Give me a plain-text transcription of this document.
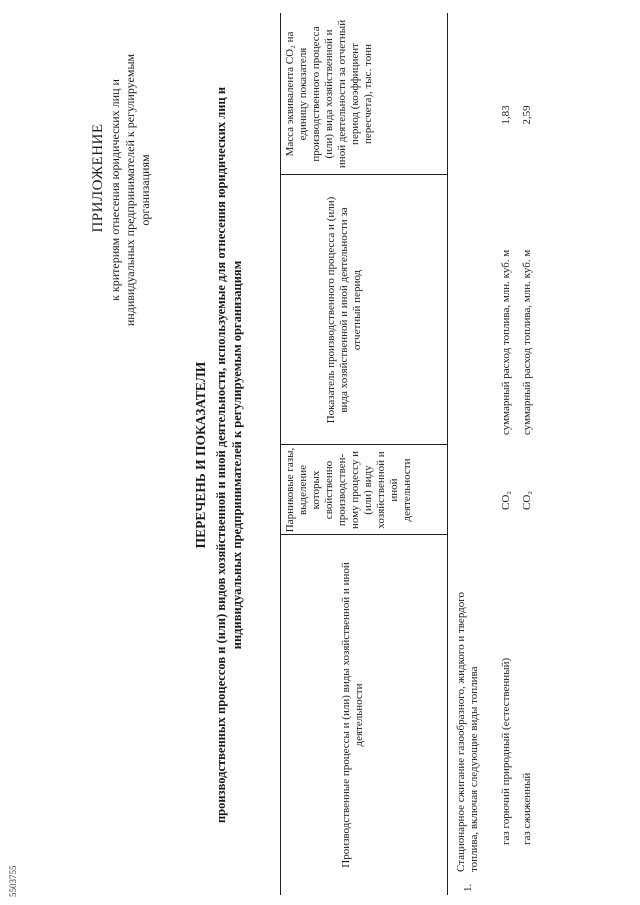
ПРИЛОЖЕНИЕ к критериям отнесения юридических лиц и индивидуальных предпринимателей к регулируемым организациям
ПЕРЕЧЕНЬ И ПОКАЗАТЕЛИ производственных процессов и (или) видов хозяйственной и иной деятельности, используемые для отнесения юридических лиц и индивидуальных предпринимателей к регулируемым организациям
Производственные процессы и (или) виды хозяйственной и иной деятельности
Парниковые газы, выделение которых свойственно производствен-ному процессу и (или) виду хозяйственной и иной деятельности
Показатель производственного процесса и (или) вида хозяйственной и иной деятельности за отчетный период
Масса эквивалента CO₂ на единицу показателя производственного процесса (или) вида хозяйственной и иной деятельности за отчетный период (коэффициент пересчета), тыс. тонн
1.
Стационарное сжигание газообразного, жидкого и твердого топлива, включая следующие виды топлива газ горючий природный (естественный)
CO₂
суммарный расход топлива, млн. куб. м
1,83
газ сжиженный
CO₂
суммарный расход топлива, млн. куб. м
2,59
5503755
